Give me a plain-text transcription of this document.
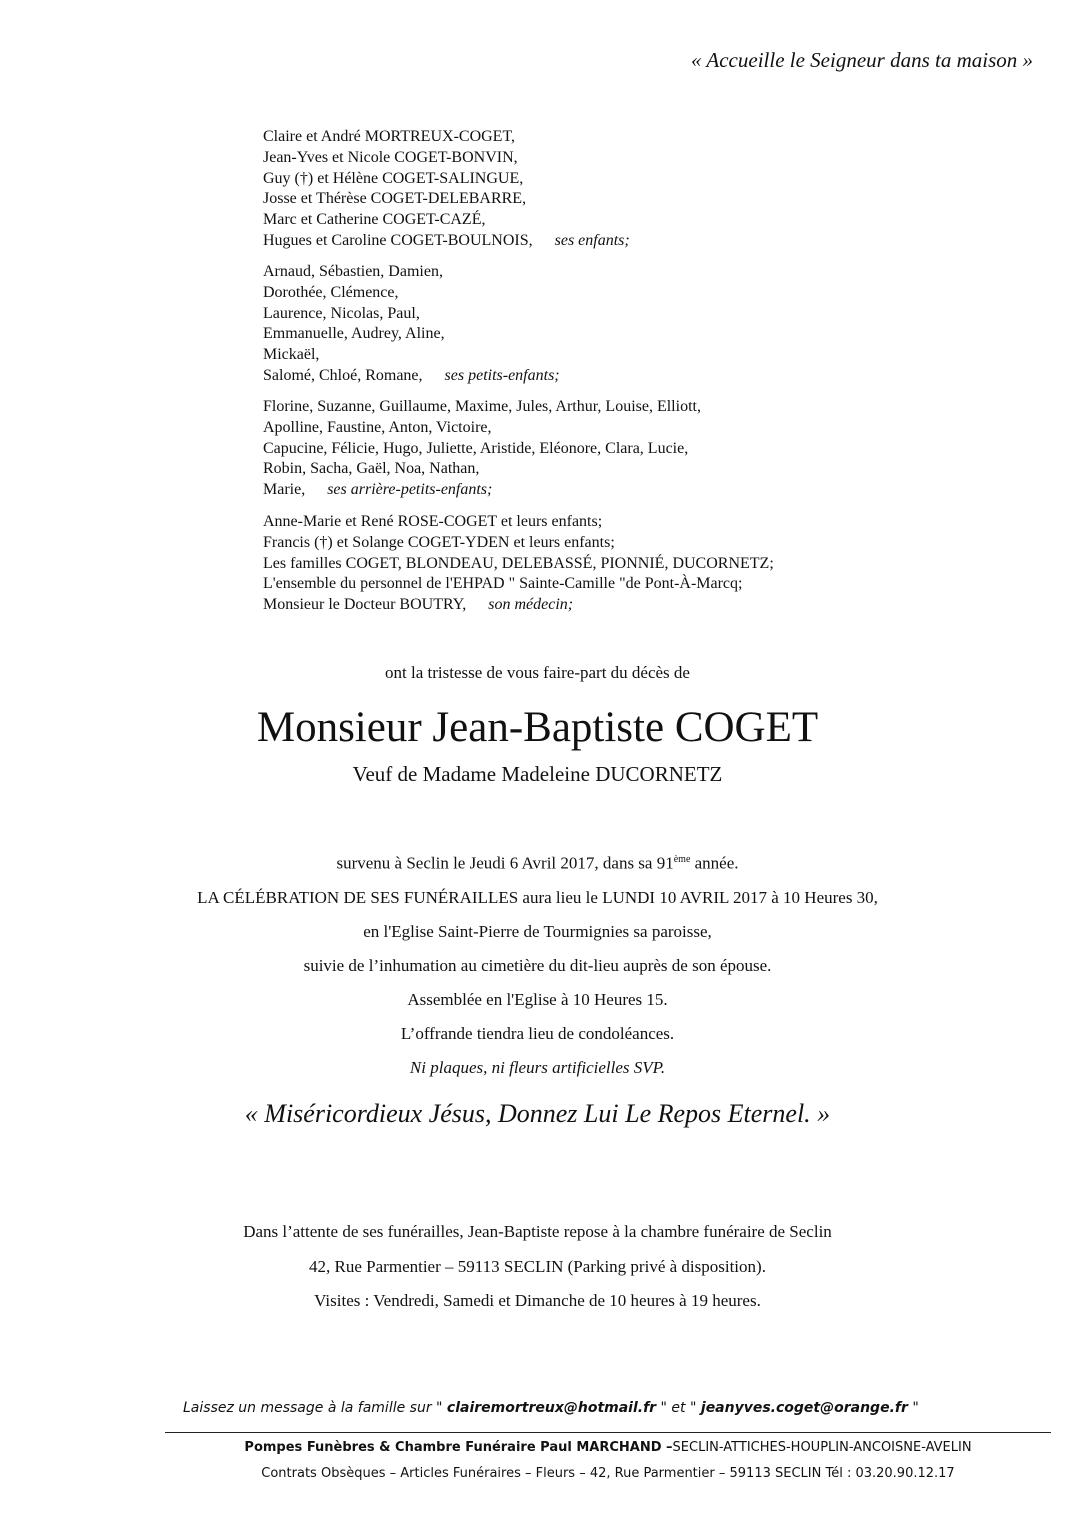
« Accueille le Seigneur dans ta maison »
Claire et André MORTREUX-COGET,
Jean-Yves et Nicole COGET-BONVIN,
Guy (†) et Hélène COGET-SALINGUE,
Josse et Thérèse COGET-DELEBARRE,
Marc et Catherine COGET-CAZÉ,
Hugues et Caroline COGET-BOULNOIS, ses enfants;
Arnaud, Sébastien, Damien,
Dorothée, Clémence,
Laurence, Nicolas, Paul,
Emmanuelle, Audrey, Aline,
Mickaël,
Salomé, Chloé, Romane, ses petits-enfants;
Florine, Suzanne, Guillaume, Maxime, Jules, Arthur, Louise, Elliott,
Apolline, Faustine, Anton, Victoire,
Capucine, Félicie, Hugo, Juliette, Aristide, Eléonore, Clara, Lucie,
Robin, Sacha, Gaël, Noa, Nathan,
Marie, ses arrière-petits-enfants;
Anne-Marie et René ROSE-COGET et leurs enfants;
Francis (†) et Solange COGET-YDEN et leurs enfants;
Les familles COGET, BLONDEAU, DELEBASSÉ, PIONNIÉ, DUCORNETZ;
L'ensemble du personnel de l'EHPAD " Sainte-Camille "de Pont-À-Marcq;
Monsieur le Docteur BOUTRY, son médecin;
ont la tristesse de vous faire-part du décès de
Monsieur Jean-Baptiste COGET
Veuf de Madame Madeleine DUCORNETZ
survenu à Seclin le Jeudi 6 Avril 2017, dans sa 91ème année.
LA CÉLÉBRATION DE SES FUNÉRAILLES aura lieu le LUNDI 10 AVRIL 2017 à 10 Heures 30,
en l'Eglise Saint-Pierre de Tourmignies sa paroisse,
suivie de l’inhumation au cimetière du dit-lieu auprès de son épouse.
Assemblée en l'Eglise à 10 Heures 15.
L’offrande tiendra lieu de condoléances.
Ni plaques, ni fleurs artificielles SVP.
« Miséricordieux Jésus, Donnez Lui Le Repos Eternel. »
Dans l’attente de ses funérailles, Jean-Baptiste repose à la chambre funéraire de Seclin
42, Rue Parmentier – 59113 SECLIN (Parking privé à disposition).
Visites : Vendredi, Samedi et Dimanche de 10 heures à 19 heures.
Laissez un message à la famille sur " clairemortreux@hotmail.fr " et " jeanyves.coget@orange.fr "
Pompes Funèbres & Chambre Funéraire Paul MARCHAND –SECLIN-ATTICHES-HOUPLIN-ANCOISNE-AVELIN
Contrats Obsèques – Articles Funéraires – Fleurs – 42, Rue Parmentier – 59113 SECLIN Tél : 03.20.90.12.17
